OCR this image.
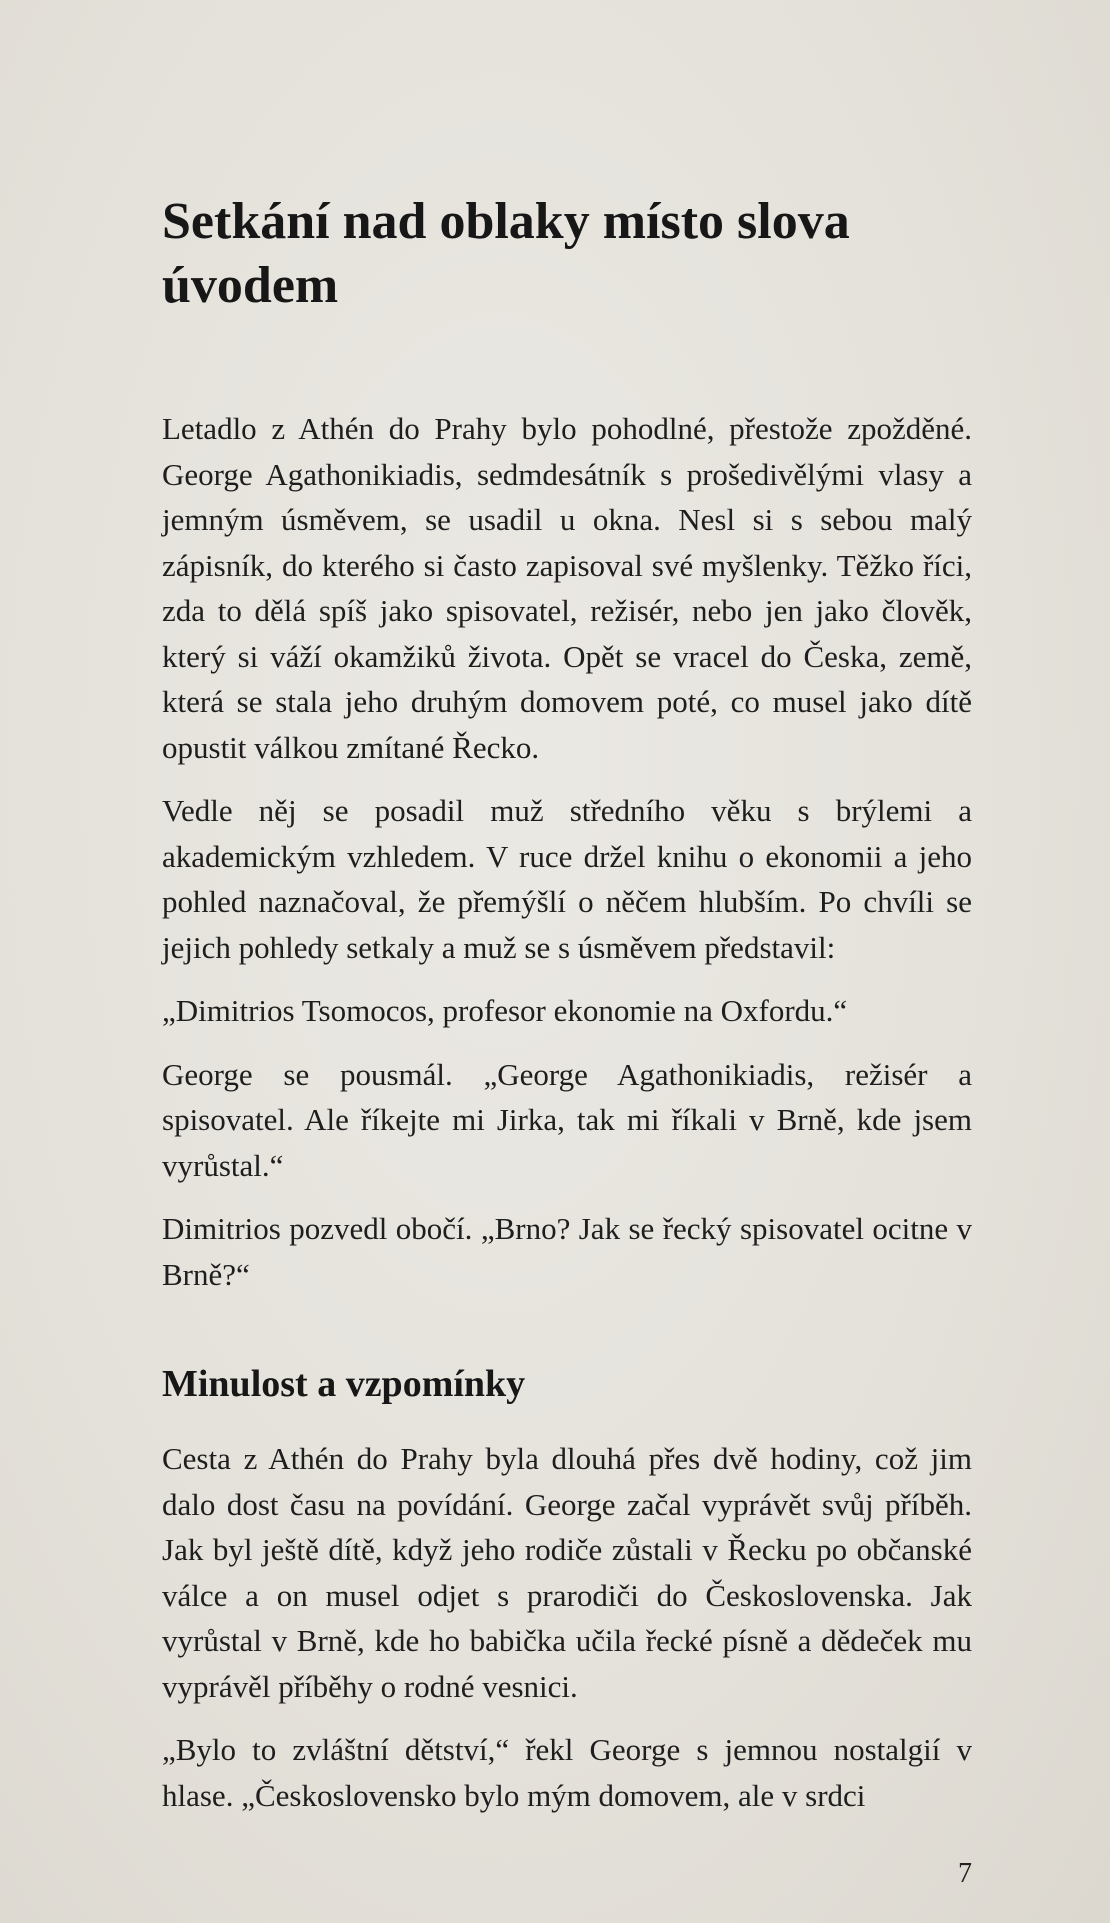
Setkání nad oblaky místo slova úvodem

Letadlo z Athén do Prahy bylo pohodlné, přestože zpožděné. George Agathonikiadis, sedmdesátník s prošedivělými vlasy a jemným úsměvem, se usadil u okna. Nesl si s sebou malý zápisník, do kterého si často zapisoval své myšlenky. Těžko říci, zda to dělá spíš jako spisovatel, režisér, nebo jen jako člověk, který si váží okamžiků života. Opět se vracel do Česka, země, která se stala jeho druhým domovem poté, co musel jako dítě opustit válkou zmítané Řecko.

Vedle něj se posadil muž středního věku s brýlemi a akademickým vzhledem. V ruce držel knihu o ekonomii a jeho pohled naznačoval, že přemýšlí o něčem hlubším. Po chvíli se jejich pohledy setkaly a muž se s úsměvem představil:

„Dimitrios Tsomocos, profesor ekonomie na Oxfordu.“

George se pousmál. „George Agathonikiadis, režisér a spisovatel. Ale říkejte mi Jirka, tak mi říkali v Brně, kde jsem vyrůstal.“

Dimitrios pozvedl obočí. „Brno? Jak se řecký spisovatel ocitne v Brně?“

Minulost a vzpomínky

Cesta z Athén do Prahy byla dlouhá přes dvě hodiny, což jim dalo dost času na povídání. George začal vyprávět svůj příběh. Jak byl ještě dítě, když jeho rodiče zůstali v Řecku po občanské válce a on musel odjet s prarodiči do Československa. Jak vyrůstal v Brně, kde ho babička učila řecké písně a dědeček mu vyprávěl příběhy o rodné vesnici.

„Bylo to zvláštní dětství,“ řekl George s jemnou nostalgií v hlase. „Československo bylo mým domovem, ale v srdci

7
